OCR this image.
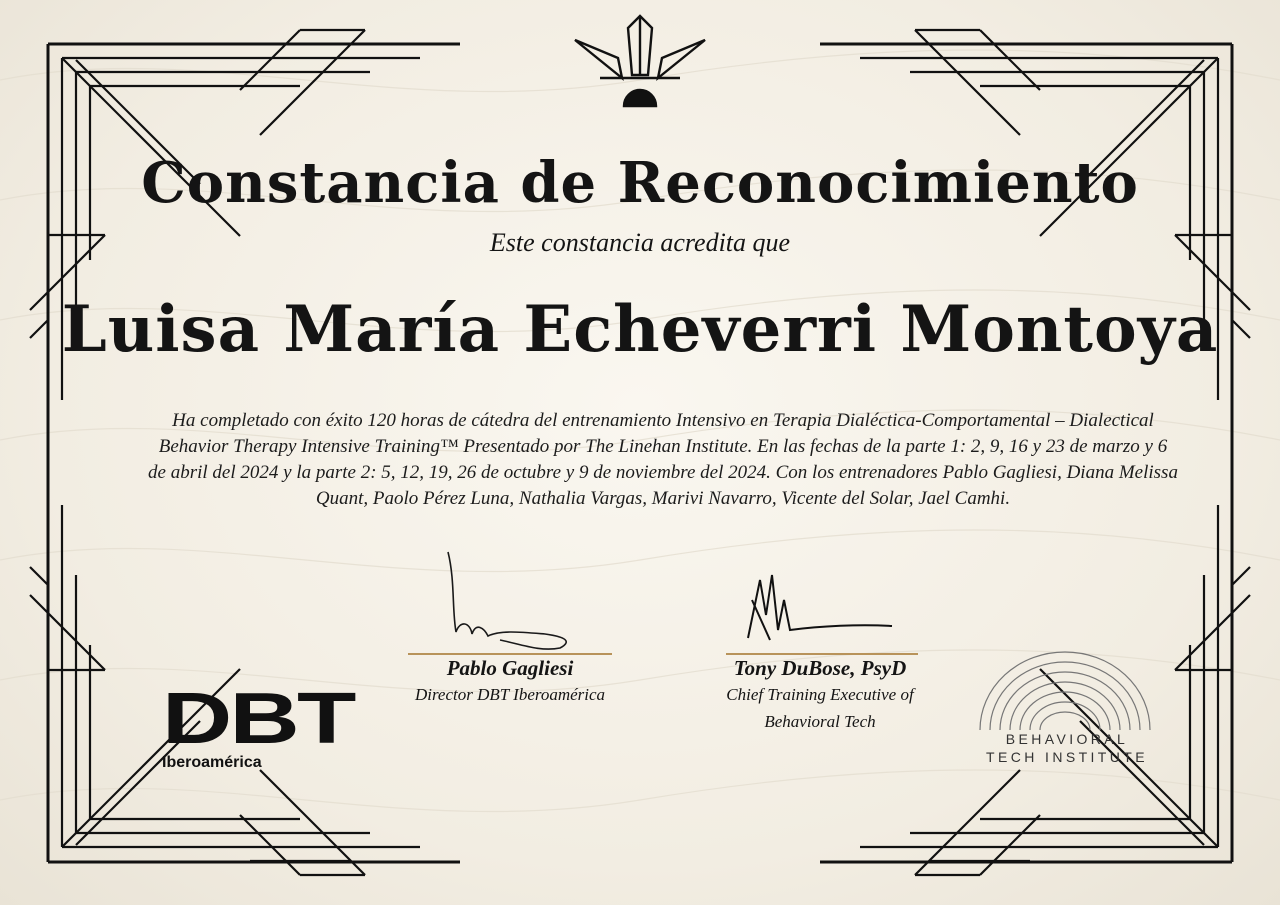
Constancia de Reconocimiento
Este constancia acredita que
Luisa María Echeverri Montoya
Ha completado con éxito 120 horas de cátedra del entrenamiento Intensivo en Terapia Dialéctica-Comportamental – Dialectical Behavior Therapy Intensive Training™ Presentado por The Linehan Institute. En las fechas de la parte 1: 2, 9, 16 y 23 de marzo y 6 de abril del 2024 y la parte 2: 5, 12, 19, 26 de octubre y 9 de noviembre del 2024. Con los entrenadores Pablo Gagliesi, Diana Melissa Quant, Paolo Pérez Luna, Nathalia Vargas, Marivi Navarro, Vicente del Solar, Jael Camhi.
Pablo Gagliesi
Director DBT Iberoamérica
Tony DuBose, PsyD
Chief Training Executive of
Behavioral Tech
DBT
Iberoamérica
BEHAVIORAL
TECH INSTITUTE
